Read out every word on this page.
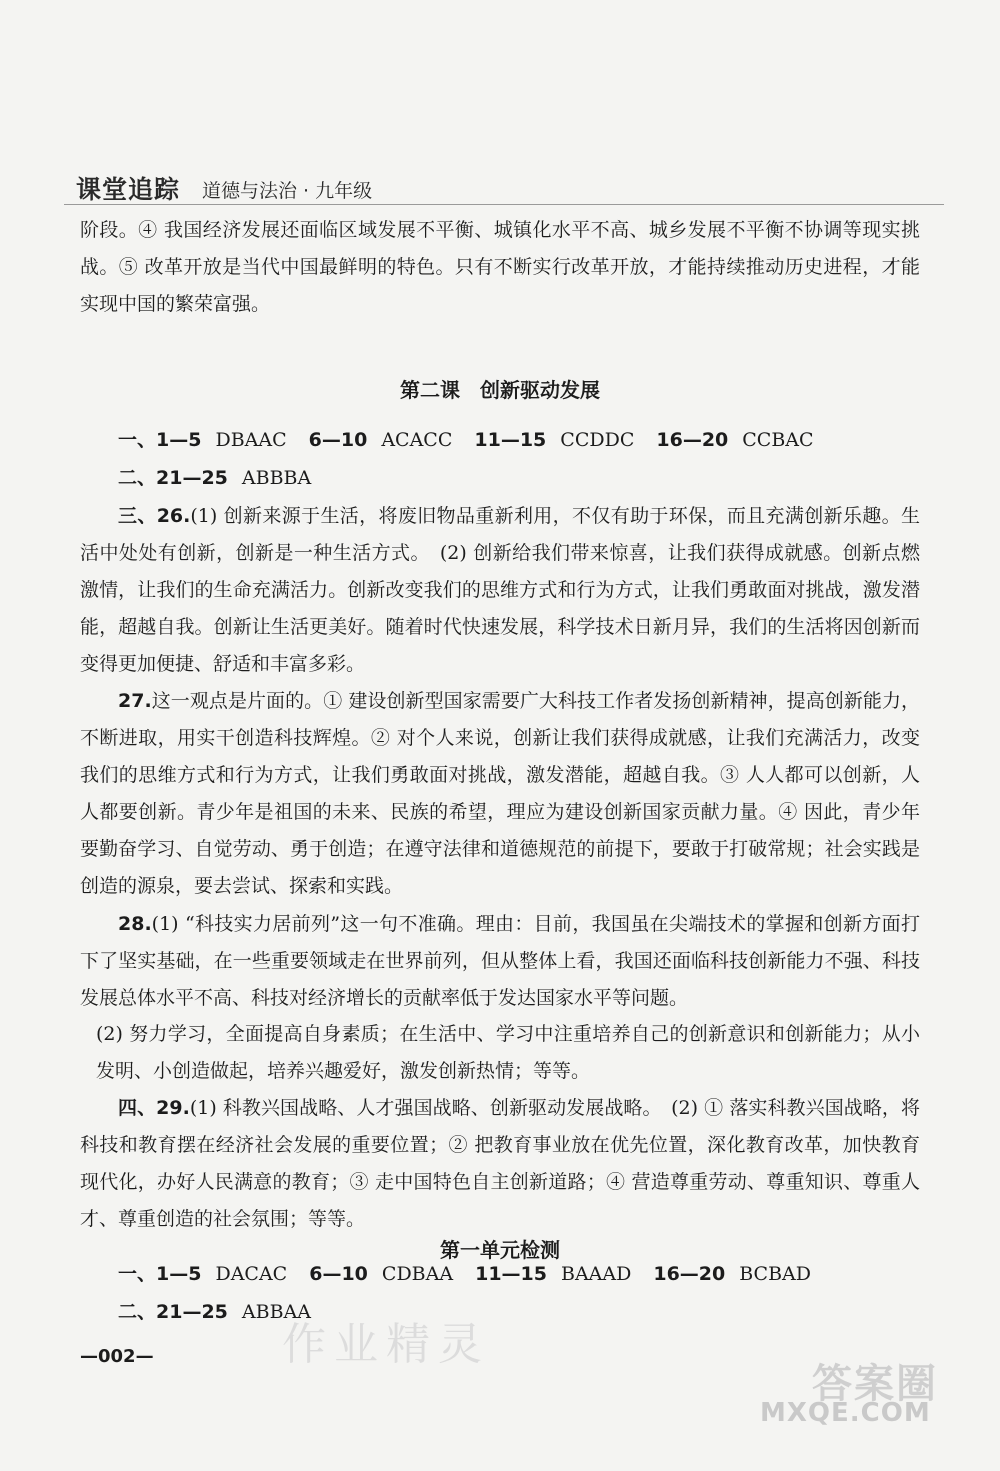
课堂追踪 道德与法治 · 九年级
阶段。④ 我国经济发展还面临区域发展不平衡、城镇化水平不高、城乡发展不平衡不协调等现实挑战。⑤ 改革开放是当代中国最鲜明的特色。只有不断实行改革开放，才能持续推动历史进程，才能实现中国的繁荣富强。
第二课　创新驱动发展
一、1—5 DBAAC 6—10 ACACC 11—15 CCDDC 16—20 CCBAC
二、21—25 ABBBA
三、26.(1) 创新来源于生活，将废旧物品重新利用，不仅有助于环保，而且充满创新乐趣。生活中处处有创新，创新是一种生活方式。　(2) 创新给我们带来惊喜，让我们获得成就感。创新点燃激情，让我们的生命充满活力。创新改变我们的思维方式和行为方式，让我们勇敢面对挑战，激发潜能，超越自我。创新让生活更美好。随着时代快速发展，科学技术日新月异，我们的生活将因创新而变得更加便捷、舒适和丰富多彩。
27.这一观点是片面的。① 建设创新型国家需要广大科技工作者发扬创新精神，提高创新能力，不断进取，用实干创造科技辉煌。② 对个人来说，创新让我们获得成就感，让我们充满活力，改变我们的思维方式和行为方式，让我们勇敢面对挑战，激发潜能，超越自我。③ 人人都可以创新，人人都要创新。青少年是祖国的未来、民族的希望，理应为建设创新国家贡献力量。④ 因此，青少年要勤奋学习、自觉劳动、勇于创造；在遵守法律和道德规范的前提下，要敢于打破常规；社会实践是创造的源泉，要去尝试、探索和实践。
28.(1) “科技实力居前列”这一句不准确。理由：目前，我国虽在尖端技术的掌握和创新方面打下了坚实基础，在一些重要领域走在世界前列，但从整体上看，我国还面临科技创新能力不强、科技发展总体水平不高、科技对经济增长的贡献率低于发达国家水平等问题。
(2) 努力学习，全面提高自身素质；在生活中、学习中注重培养自己的创新意识和创新能力；从小发明、小创造做起，培养兴趣爱好，激发创新热情；等等。
四、29.(1) 科教兴国战略、人才强国战略、创新驱动发展战略。　(2) ① 落实科教兴国战略，将科技和教育摆在经济社会发展的重要位置；② 把教育事业放在优先位置，深化教育改革，加快教育现代化，办好人民满意的教育；③ 走中国特色自主创新道路；④ 营造尊重劳动、尊重知识、尊重人才、尊重创造的社会氛围；等等。
第一单元检测
一、1—5 DACAC 6—10 CDBAA 11—15 BAAAD 16—20 BCBAD
二、21—25 ABBAA
作业精灵
—002—
答案圈
MXQE.COM
